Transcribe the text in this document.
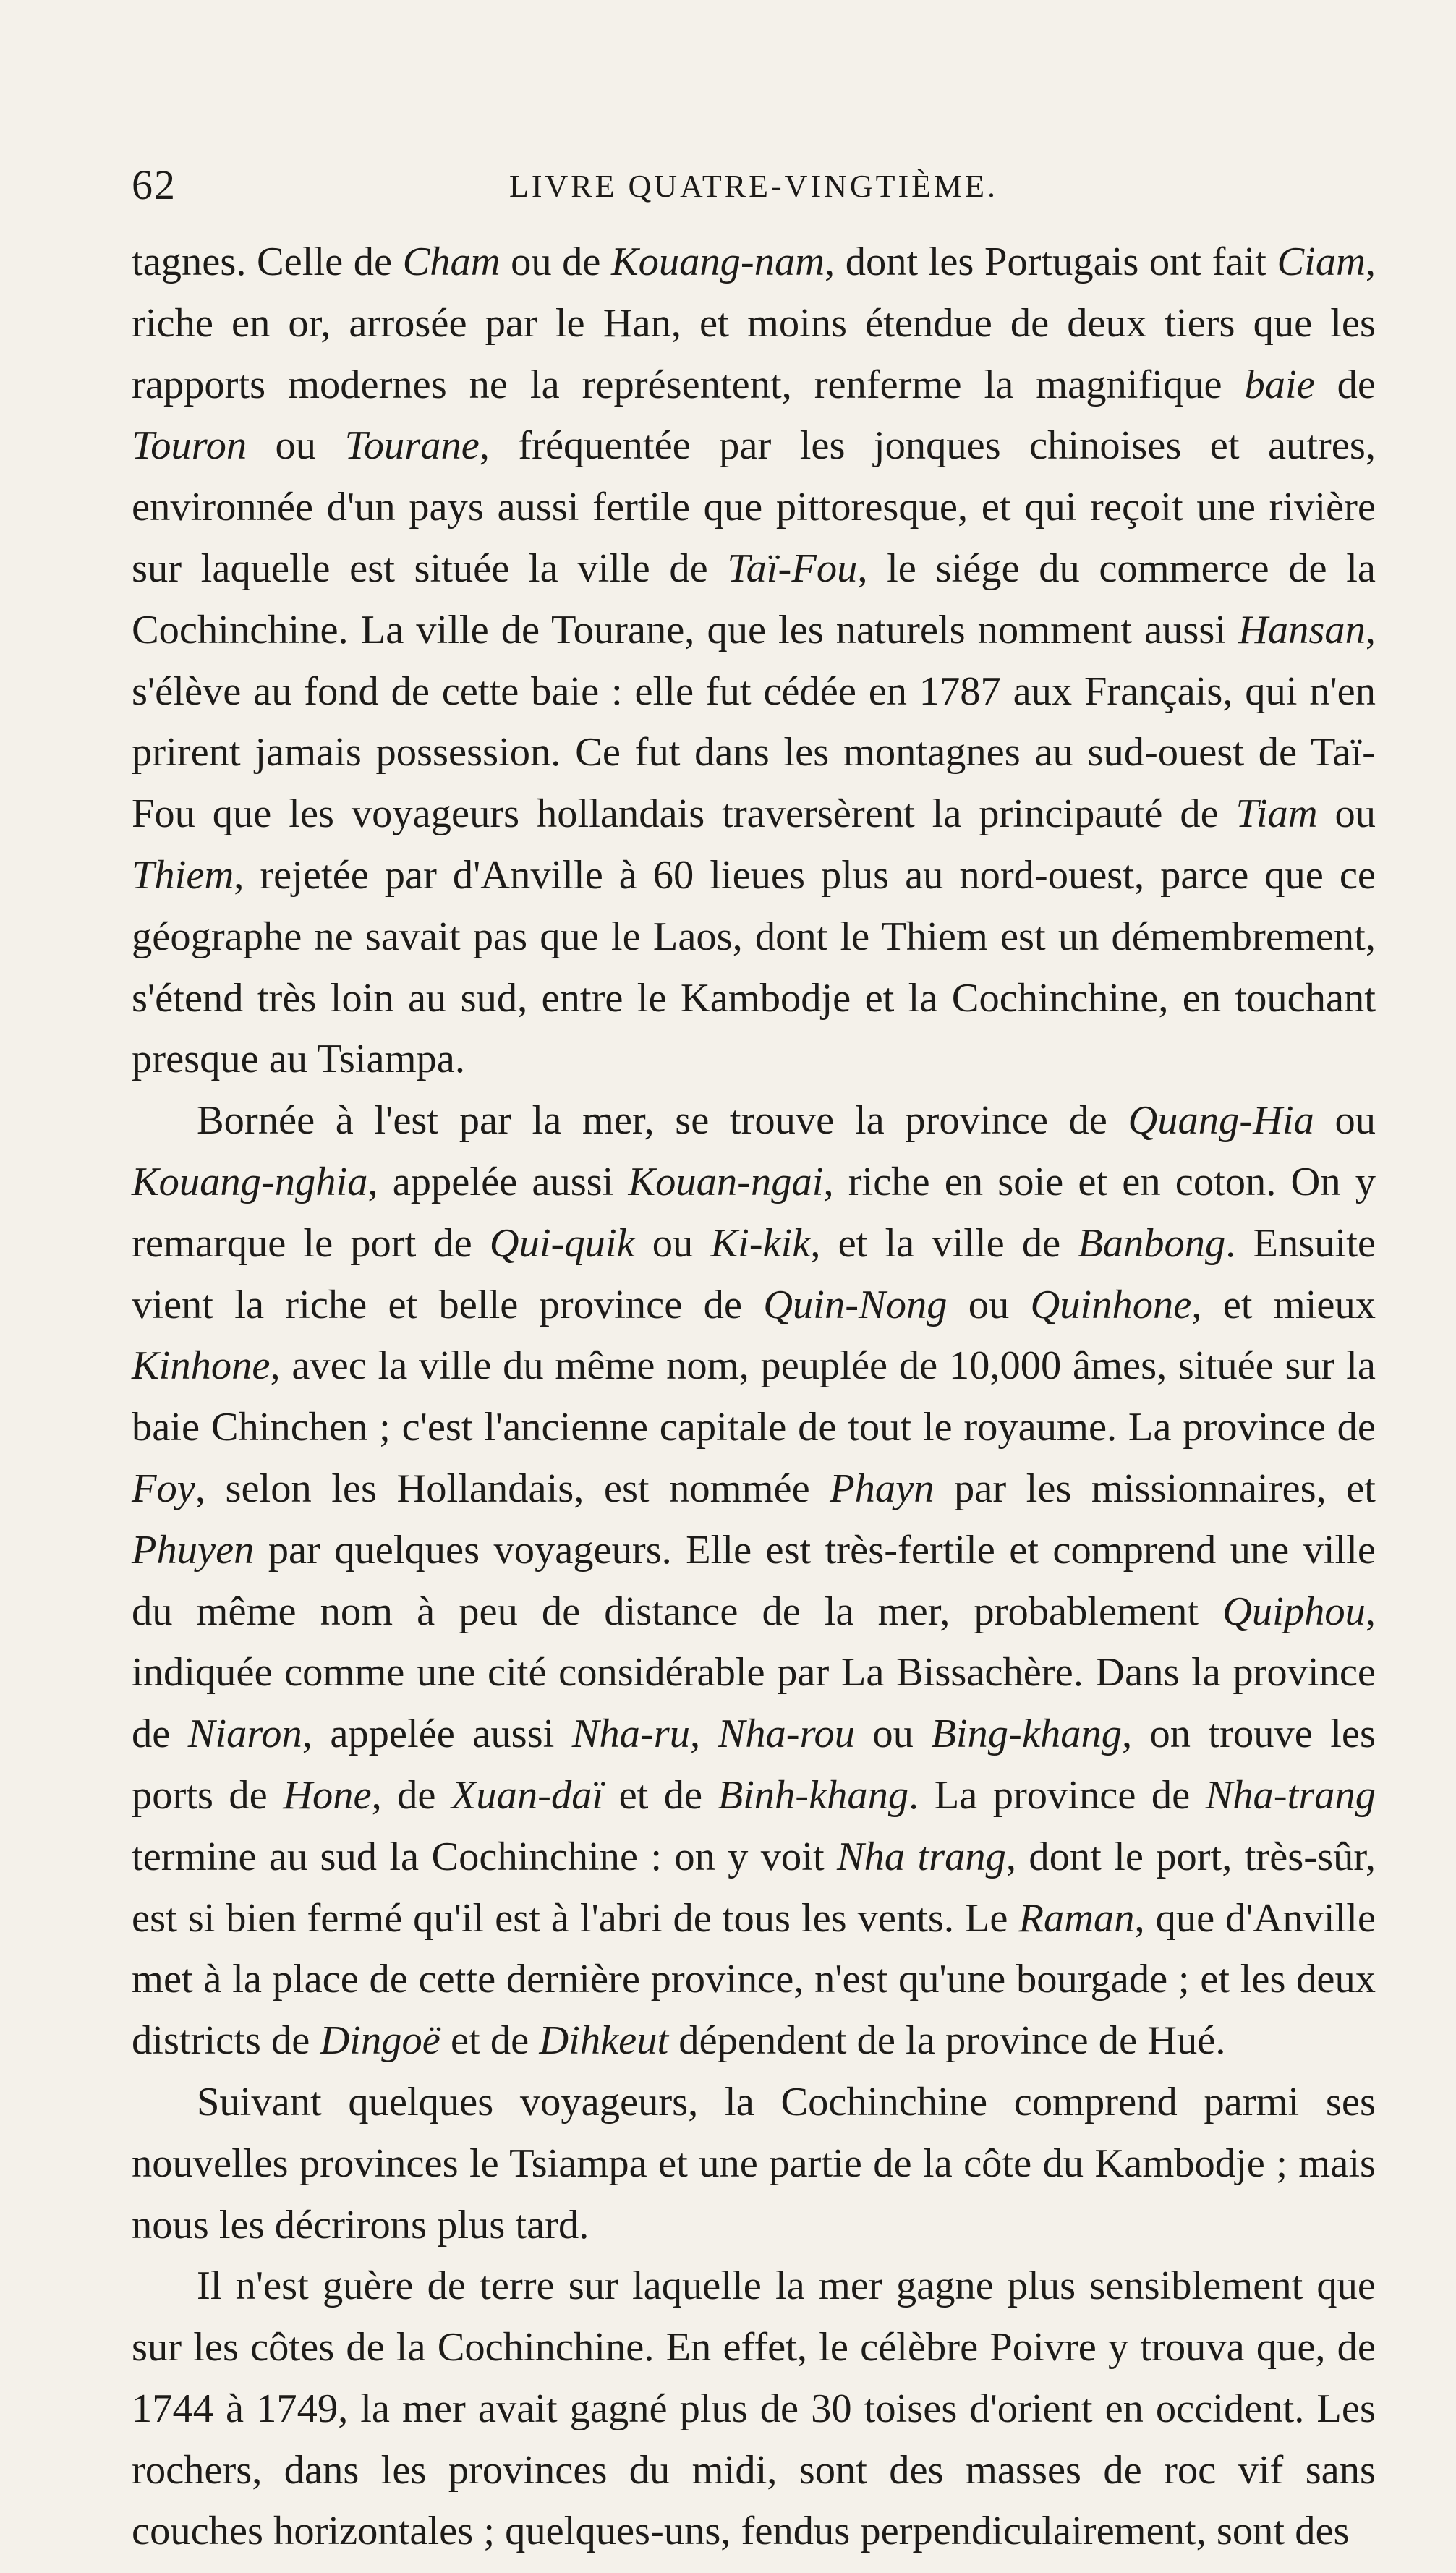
62	LIVRE QUATRE-VINGTIÈME.

tagnes. Celle de Cham ou de Kouang-nam, dont les Portugais ont fait Ciam, riche en or, arrosée par le Han, et moins étendue de deux tiers que les rapports modernes ne la représentent, renferme la magnifique baie de Touron ou Tourane, fréquentée par les jonques chinoises et autres, environnée d'un pays aussi fertile que pittoresque, et qui reçoit une rivière sur laquelle est située la ville de Taï-Fou, le siége du commerce de la Cochinchine. La ville de Tourane, que les naturels nomment aussi Hansan, s'élève au fond de cette baie : elle fut cédée en 1787 aux Français, qui n'en prirent jamais possession. Ce fut dans les montagnes au sud-ouest de Taï-Fou que les voyageurs hollandais traversèrent la principauté de Tiam ou Thiem, rejetée par d'Anville à 60 lieues plus au nord-ouest, parce que ce géographe ne savait pas que le Laos, dont le Thiem est un démembrement, s'étend très loin au sud, entre le Kambodje et la Cochinchine, en touchant presque au Tsiampa.

Bornée à l'est par la mer, se trouve la province de Quang-Hia ou Kouang-nghia, appelée aussi Kouan-ngai, riche en soie et en coton. On y remarque le port de Qui-quik ou Ki-kik, et la ville de Banbong. Ensuite vient la riche et belle province de Quin-Nong ou Quinhone, et mieux Kinhone, avec la ville du même nom, peuplée de 10,000 âmes, située sur la baie Chinchen ; c'est l'ancienne capitale de tout le royaume. La province de Foy, selon les Hollandais, est nommée Phayn par les missionnaires, et Phuyen par quelques voyageurs. Elle est très-fertile et comprend une ville du même nom à peu de distance de la mer, probablement Quiphou, indiquée comme une cité considérable par La Bissachère. Dans la province de Niaron, appelée aussi Nha-ru, Nha-rou ou Bing-khang, on trouve les ports de Hone, de Xuan-daï et de Binh-khang. La province de Nha-trang termine au sud la Cochinchine : on y voit Nha trang, dont le port, très-sûr, est si bien fermé qu'il est à l'abri de tous les vents. Le Raman, que d'Anville met à la place de cette dernière province, n'est qu'une bourgade ; et les deux districts de Dingoë et de Dihkeut dépendent de la province de Hué.

Suivant quelques voyageurs, la Cochinchine comprend parmi ses nouvelles provinces le Tsiampa et une partie de la côte du Kambodje ; mais nous les décrirons plus tard.

Il n'est guère de terre sur laquelle la mer gagne plus sensiblement que sur les côtes de la Cochinchine. En effet, le célèbre Poivre y trouva que, de 1744 à 1749, la mer avait gagné plus de 30 toises d'orient en occident. Les rochers, dans les provinces du midi, sont des masses de roc vif sans couches horizontales ; quelques-uns, fendus perpendiculairement, sont des
